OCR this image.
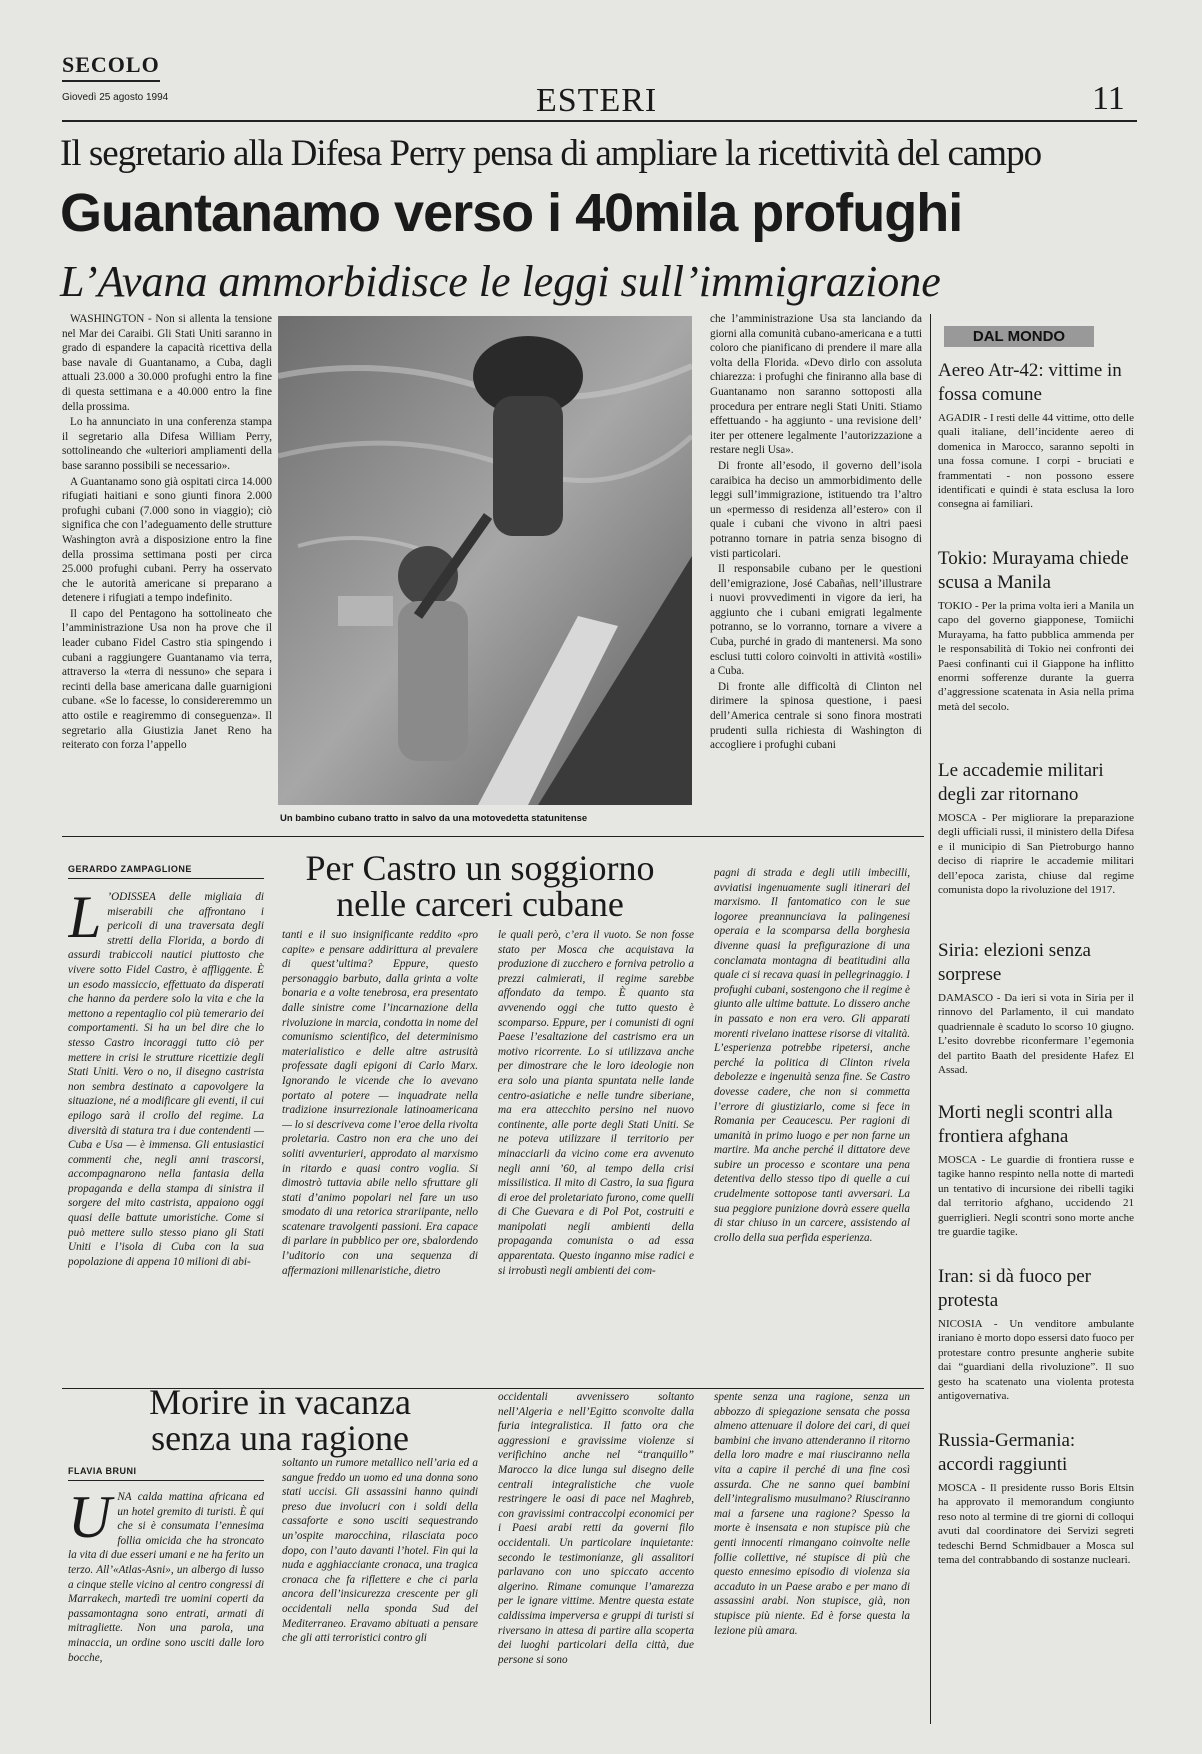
SECOLO
Giovedì 25 agosto 1994	ESTERI	11
Il segretario alla Difesa Perry pensa di ampliare la ricettività del campo
Guantanamo verso i 40mila profughi
L’Avana ammorbidisce le leggi sull’immigrazione

WASHINGTON - Non si allenta la tensione nel Mar dei Caraibi. Gli Stati Uniti saranno in grado di espandere la capacità ricettiva della base navale di Guantanamo, a Cuba, dagli attuali 23.000 a 30.000 profughi entro la fine di questa settimana e a 40.000 entro la fine della prossima.

Lo ha annunciato in una conferenza stampa il segretario alla Difesa William Perry, sottolineando che «ulteriori ampliamenti della base saranno possibili se necessario».

A Guantanamo sono già ospitati circa 14.000 rifugiati haitiani e sono giunti finora 2.000 profughi cubani (7.000 sono in viaggio); ciò significa che con l’adeguamento delle strutture Washington avrà a disposizione entro la fine della prossima settimana posti per circa 25.000 profughi cubani. Perry ha osservato che le autorità americane si preparano a detenere i rifugiati a tempo indefinito.

Il capo del Pentagono ha sottolineato che l’amministrazione Usa non ha prove che il leader cubano Fidel Castro stia spingendo i cubani a raggiungere Guantanamo via terra, attraverso la «terra di nessuno» che separa i recinti della base americana dalle guarnigioni cubane. «Se lo facesse, lo considereremmo un atto ostile e reagiremmo di conseguenza». Il segretario alla Giustizia Janet Reno ha reiterato con forza l’appello

Un bambino cubano tratto in salvo da una motovedetta statunitense

che l’amministrazione Usa sta lanciando da giorni alla comunità cubano-americana e a tutti coloro che pianificano di prendere il mare alla volta della Florida. «Devo dirlo con assoluta chiarezza: i profughi che finiranno alla base di Guantanamo non saranno sottoposti alla procedura per entrare negli Stati Uniti. Stiamo effettuando - ha aggiunto - una revisione dell’ iter per ottenere legalmente l’autorizzazione a restare negli Usa».

Di fronte all’esodo, il governo dell’isola caraibica ha deciso un ammorbidimento delle leggi sull’immigrazione, istituendo tra l’altro un «permesso di residenza all’estero» con il quale i cubani che vivono in altri paesi potranno tornare in patria senza bisogno di visti particolari.

Il responsabile cubano per le questioni dell’emigrazione, José Cabañas, nell’illustrare i nuovi provvedimenti in vigore da ieri, ha aggiunto che i cubani emigrati legalmente potranno, se lo vorranno, tornare a vivere a Cuba, purché in grado di mantenersi. Ma sono esclusi tutti coloro coinvolti in attività «ostili» a Cuba.

Di fronte alle difficoltà di Clinton nel dirimere la spinosa questione, i paesi dell’America centrale si sono finora mostrati prudenti sulla richiesta di Washington di accogliere i profughi cubani

DAL MONDO
Aereo Atr-42: vittime in fossa comune
AGADIR - I resti delle 44 vittime, otto delle quali italiane, dell’incidente aereo di domenica in Marocco, saranno sepolti in una fossa comune. I corpi - bruciati e frammentati - non possono essere identificati e quindi è stata esclusa la loro consegna ai familiari.
Tokio: Murayama chiede scusa a Manila
TOKIO - Per la prima volta ieri a Manila un capo del governo giapponese, Tomiichi Murayama, ha fatto pubblica ammenda per le responsabilità di Tokio nei confronti dei Paesi confinanti cui il Giappone ha inflitto enormi sofferenze durante la guerra d’aggressione scatenata in Asia nella prima metà del secolo.
Le accademie militari degli zar ritornano
MOSCA - Per migliorare la preparazione degli ufficiali russi, il ministero della Difesa e il municipio di San Pietroburgo hanno deciso di riaprire le accademie militari dell’epoca zarista, chiuse dal regime comunista dopo la rivoluzione del 1917.
Siria: elezioni senza sorprese
DAMASCO - Da ieri si vota in Siria per il rinnovo del Parlamento, il cui mandato quadriennale è scaduto lo scorso 10 giugno. L’esito dovrebbe riconfermare l’egemonia del partito Baath del presidente Hafez El Assad.
Morti negli scontri alla frontiera afghana
MOSCA - Le guardie di frontiera russe e tagike hanno respinto nella notte di martedì un tentativo di incursione dei ribelli tagiki dal territorio afghano, uccidendo 21 guerriglieri. Negli scontri sono morte anche tre guardie tagike.
Iran: si dà fuoco per protesta
NICOSIA - Un venditore ambulante iraniano è morto dopo essersi dato fuoco per protestare contro presunte angherie subite dai “guardiani della rivoluzione”. Il suo gesto ha scatenato una violenta protesta antigovernativa.
Russia-Germania: accordi raggiunti
MOSCA - Il presidente russo Boris Eltsin ha approvato il memorandum congiunto reso noto al termine di tre giorni di colloqui avuti dal coordinatore dei Servizi segreti tedeschi Bernd Schmidbauer a Mosca sul tema del contrabbando di sostanze nucleari.
GERARDO ZAMPAGLIONE	Per Castro un soggiorno
nelle carceri cubane
L ’ODISSEA delle migliaia di miserabili che affrontano i pericoli di una traversata degli stretti della Florida, a bordo di assurdi trabiccoli nautici piuttosto che vivere sotto Fidel Castro, è affliggente. È un esodo massiccio, effettuato da disperati che hanno da perdere solo la vita e che la mettono a repentaglio col più temerario dei comportamenti. Si ha un bel dire che lo stesso Castro incoraggi tutto ciò per mettere in crisi le strutture ricettizie degli Stati Uniti. Vero o no, il disegno castrista non sembra destinato a capovolgere la situazione, né a modificare gli eventi, il cui epilogo sarà il crollo del regime. La diversità di statura tra i due contendenti — Cuba e Usa — è immensa. Gli entusiastici commenti che, negli anni trascorsi, accompagnarono nella fantasia della propaganda e della stampa di sinistra il sorgere del mito castrista, appaiono oggi quasi delle battute umoristiche. Come si può mettere sullo stesso piano gli Stati Uniti e l’isola di Cuba con la sua popolazione di appena 10 milioni di abi-
tanti e il suo insignificante reddito «pro capite» e pensare addirittura al prevalere di quest’ultima? Eppure, questo personaggio barbuto, dalla grinta a volte bonaria e a volte tenebrosa, era presentato dalle sinistre come l’incarnazione della rivoluzione in marcia, condotta in nome del comunismo scientifico, del determinismo materialistico e delle altre astrusità professate dagli epigoni di Carlo Marx. Ignorando le vicende che lo avevano portato al potere — inquadrate nella tradizione insurrezionale latinoamericana — lo si descriveva come l’eroe della rivolta proletaria. Castro non era che uno dei soliti avventurieri, approdato al marxismo in ritardo e quasi contro voglia. Si dimostrò tuttavia abile nello sfruttare gli stati d’animo popolari nel fare un uso smodato di una retorica strariipante, nello scatenare travolgenti passioni. Era capace di parlare in pubblico per ore, sbalordendo l’uditorio con una sequenza di affermazioni millenaristiche, dietro
le quali però, c’era il vuoto. Se non fosse stato per Mosca che acquistava la produzione di zucchero e forniva petrolio a prezzi calmierati, il regime sarebbe affondato da tempo. È quanto sta avvenendo oggi che tutto questo è scomparso. Eppure, per i comunisti di ogni Paese l’esaltazione del castrismo era un motivo ricorrente. Lo si utilizzava anche per dimostrare che le loro ideologie non era solo una pianta spuntata nelle lande centro-asiatiche e nelle tundre siberiane, ma era attecchito persino nel nuovo continente, alle porte degli Stati Uniti. Se ne poteva utilizzare il territorio per minacciarli da vicino come era avvenuto negli anni ’60, al tempo della crisi missilistica. Il mito di Castro, la sua figura di eroe del proletariato furono, come quelli di Che Guevara e di Pol Pot, costruiti e manipolati negli ambienti della propaganda comunista o ad essa apparentata. Questo inganno mise radici e si irrobustì negli ambienti dei com-
pagni di strada e degli utili imbecilli, avviatisi ingenuamente sugli itinerari del marxismo. Il fantomatico con le sue logoree preannunciava la palingenesi operaia e la scomparsa della borghesia divenne quasi la prefigurazione di una conclamata montagna di beatitudini alla quale ci si recava quasi in pellegrinaggio. I profughi cubani, sostengono che il regime è giunto alle ultime battute. Lo dissero anche in passato e non era vero. Gli apparati morenti rivelano inattese risorse di vitalità. L’esperienza potrebbe ripetersi, anche perché la politica di Clinton rivela debolezze e ingenuità senza fine. Se Castro dovesse cadere, che non si commetta l’errore di giustiziarlo, come si fece in Romania per Ceaucescu. Per ragioni di umanità in primo luogo e per non farne un martire. Ma anche perché il dittatore deve subire un processo e scontare una pena detentiva dello stesso tipo di quelle a cui crudelmente sottopose tanti avversari. La sua peggiore punizione dovrà essere quella di star chiuso in un carcere, assistendo al crollo della sua perfida esperienza.
Morire in vacanza
senza una ragione
FLAVIA BRUNI
UNA calda mattina africana ed un hotel gremito di turisti. È qui che si è consumata l’ennesima follia omicida che ha stroncato la vita di due esseri umani e ne ha ferito un terzo. All’«Atlas-Asni», un albergo di lusso a cinque stelle vicino al centro congressi di Marrakech, martedì tre uomini coperti da passamontagna sono entrati, armati di mitragliette. Non una parola, una minaccia, un ordine sono usciti dalle loro bocche,
soltanto un rumore metallico nell’aria ed a sangue freddo un uomo ed una donna sono stati uccisi. Gli assassini hanno quindi preso due involucri con i soldi della cassaforte e sono usciti sequestrando un’ospite marocchina, rilasciata poco dopo, con l’auto davanti l’hotel. Fin qui la nuda e agghiacciante cronaca, una tragica cronaca che fa riflettere e che ci parla ancora dell’insicurezza crescente per gli occidentali nella sponda Sud del Mediterraneo. Eravamo abituati a pensare che gli atti terroristici contro gli
occidentali avvenissero soltanto nell’Algeria e nell’Egitto sconvolte dalla furia integralistica. Il fatto ora che aggressioni e gravissime violenze si verifichino anche nel “tranquillo” Marocco la dice lunga sul disegno delle centrali integralistiche che vuole restringere le oasi di pace nel Maghreb, con gravissimi contraccolpi economici per i Paesi arabi retti da governi filo occidentali. Un particolare inquietante: secondo le testimonianze, gli assalitori parlavano con uno spiccato accento algerino. Rimane comunque l’amarezza per le ignare vittime. Mentre questa estate caldissima imperversa e gruppi di turisti si riversano in attesa di partire alla scoperta dei luoghi particolari della città, due persone si sono
spente senza una ragione, senza un abbozzo di spiegazione sensata che possa almeno attenuare il dolore dei cari, di quei bambini che invano attenderanno il ritorno della loro madre e mai riusciranno nella vita a capire il perché di una fine così assurda. Che ne sanno quei bambini dell’integralismo musulmano? Riusciranno mai a farsene una ragione? Spesso la morte è insensata e non stupisce più che genti innocenti rimangano coinvolte nelle follie collettive, né stupisce di più che questo ennesimo episodio di violenza sia accaduto in un Paese arabo e per mano di assassini arabi. Non stupisce, già, non stupisce più niente. Ed è forse questa la lezione più amara.
